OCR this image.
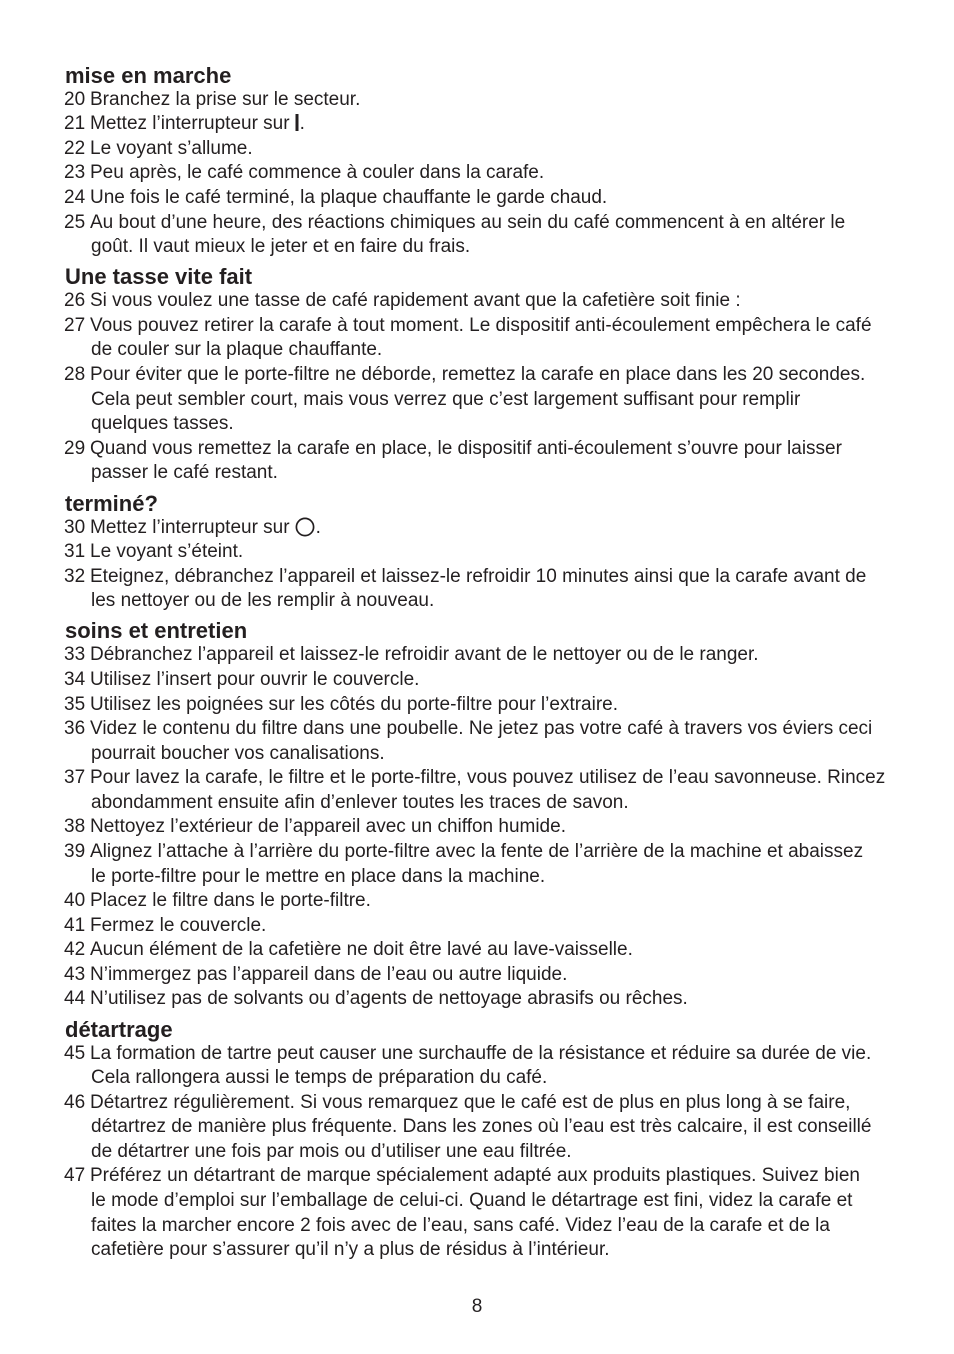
mise en marche
20 Branchez la prise sur le secteur.
21 Mettez l’interrupteur sur .
22 Le voyant s’allume.
23 Peu après, le café commence à couler dans la carafe.
24 Une fois le café terminé, la plaque chauffante le garde chaud.
25 Au bout d’une heure, des réactions chimiques au sein du café commencent à en altérer le
goût. Il vaut mieux le jeter et en faire du frais.
Une tasse vite fait
26 Si vous voulez une tasse de café rapidement avant que la cafetière soit finie :
27 Vous pouvez retirer la carafe à tout moment. Le dispositif anti-écoulement empêchera le café
de couler sur la plaque chauffante.
28 Pour éviter que le porte-filtre ne déborde, remettez la carafe en place dans les 20 secondes.
Cela peut sembler court, mais vous verrez que c’est largement suffisant pour remplir
quelques tasses.
29 Quand vous remettez la carafe en place, le dispositif anti-écoulement s’ouvre pour laisser
passer le café restant.
terminé?
30 Mettez l’interrupteur sur .
31 Le voyant s’éteint.
32 Eteignez, débranchez l’appareil et laissez-le refroidir 10 minutes ainsi que la carafe avant de
les nettoyer ou de les remplir à nouveau.
soins et entretien
33 Débranchez l’appareil et laissez-le refroidir avant de le nettoyer ou de le ranger.
34 Utilisez l’insert pour ouvrir le couvercle.
35 Utilisez les poignées sur les côtés du porte-filtre pour l’extraire.
36 Videz le contenu du filtre dans une poubelle. Ne jetez pas votre café à travers vos éviers ceci
pourrait boucher vos canalisations.
37 Pour lavez la carafe, le filtre et le porte-filtre, vous pouvez utilisez de l’eau savonneuse. Rincez
abondamment ensuite afin d’enlever toutes les traces de savon.
38 Nettoyez l’extérieur de l’appareil avec un chiffon humide.
39 Alignez l’attache à l’arrière du porte-filtre avec la fente de l’arrière de la machine et abaissez
le porte-filtre pour le mettre en place dans la machine.
40 Placez le filtre dans le porte-filtre.
41 Fermez le couvercle.
42 Aucun élément de la cafetière ne doit être lavé au lave-vaisselle.
43 N’immergez pas l’appareil dans de l’eau ou autre liquide.
44 N’utilisez pas de solvants ou d’agents de nettoyage abrasifs ou rêches.
détartrage
45 La formation de tartre peut causer une surchauffe de la résistance et réduire sa durée de vie.
Cela rallongera aussi le temps de préparation du café.
46 Détartrez régulièrement. Si vous remarquez que le café est de plus en plus long à se faire,
détartrez de manière plus fréquente. Dans les zones où l’eau est très calcaire, il est conseillé
de détartrer une fois par mois ou d’utiliser une eau filtrée.
47 Préférez un détartrant de marque spécialement adapté aux produits plastiques. Suivez bien
le mode d’emploi sur l’emballage de celui-ci. Quand le détartrage est fini, videz la carafe et
faites la marcher encore 2 fois avec de l’eau, sans café. Videz l’eau de la carafe et de la
cafetière pour s’assurer qu’il n’y a plus de résidus à l’intérieur.
8
